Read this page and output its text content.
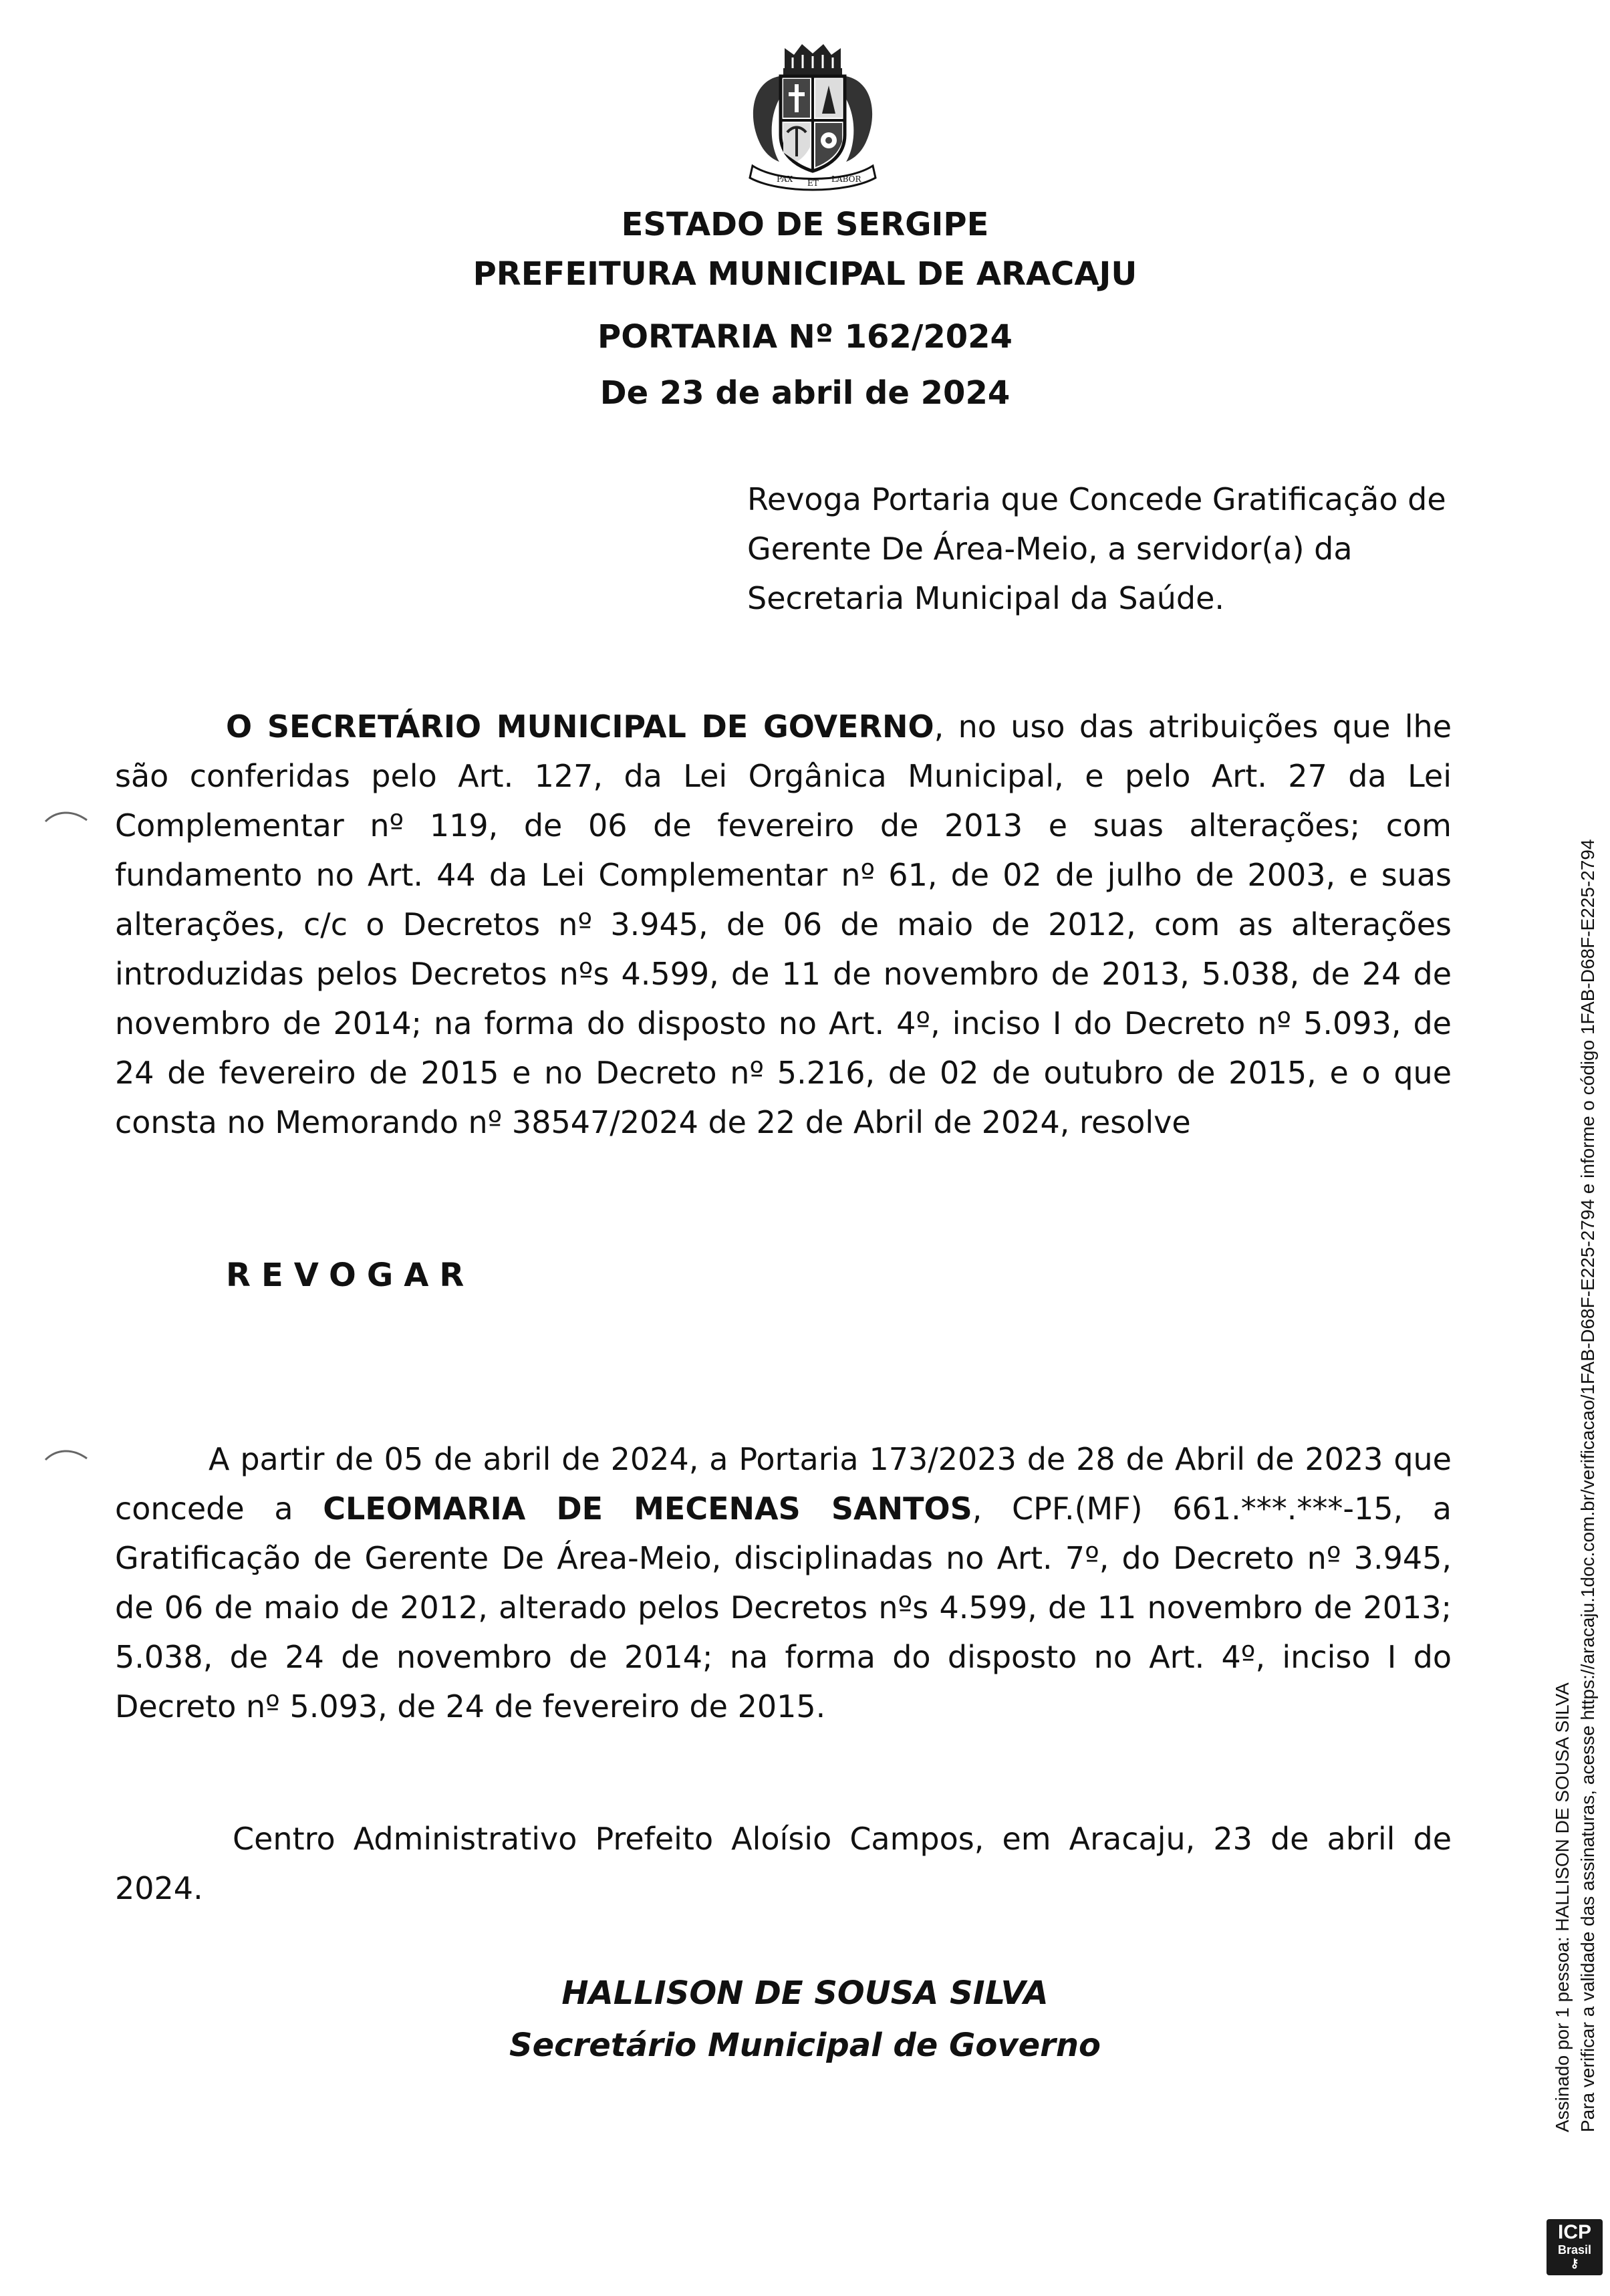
PAX ET LABOR
ESTADO DE SERGIPE
PREFEITURA MUNICIPAL DE ARACAJU
PORTARIA Nº 162/2024
De 23 de abril de 2024
Revoga Portaria que Concede Gratificação de Gerente De Área-Meio, a servidor(a) da Secretaria Municipal da Saúde.
O SECRETÁRIO MUNICIPAL DE GOVERNO, no uso das atribuições que lhe são conferidas pelo Art. 127, da Lei Orgânica Municipal, e pelo Art. 27 da Lei Complementar nº 119, de 06 de fevereiro de 2013 e suas alterações; com fundamento no Art. 44 da Lei Complementar nº 61, de 02 de julho de 2003, e suas alterações, c/c o Decretos nº 3.945, de 06 de maio de 2012, com as alterações introduzidas pelos Decretos nºs 4.599, de 11 de novembro de 2013, 5.038, de 24 de novembro de 2014; na forma do disposto no Art. 4º, inciso I do Decreto nº 5.093, de 24 de fevereiro de 2015 e no Decreto nº 5.216, de 02 de outubro de 2015, e o que consta no Memorando nº 38547/2024 de 22 de Abril de 2024, resolve
REVOGAR
A partir de 05 de abril de 2024, a Portaria 173/2023 de 28 de Abril de 2023 que concede a CLEOMARIA DE MECENAS SANTOS, CPF.(MF) 661.***.***-15, a Gratificação de Gerente De Área-Meio, disciplinadas no Art. 7º, do Decreto nº 3.945, de 06 de maio de 2012, alterado pelos Decretos nºs 4.599, de 11 novembro de 2013; 5.038, de 24 de novembro de 2014; na forma do disposto no Art. 4º, inciso I do Decreto nº 5.093, de 24 de fevereiro de 2015.
Centro Administrativo Prefeito Aloísio Campos, em Aracaju, 23 de abril de 2024.
HALLISON DE SOUSA SILVA
Secretário Municipal de Governo	Assinado por 1 pessoa: HALLISON DE SOUSA SILVA Para verificar a validade das assinaturas, acesse https://aracaju.1doc.com.br/verificacao/1FAB-D68F-E225-2794 e informe o código 1FAB-D68F-E225-2794
ICP
Brasil
⚷
